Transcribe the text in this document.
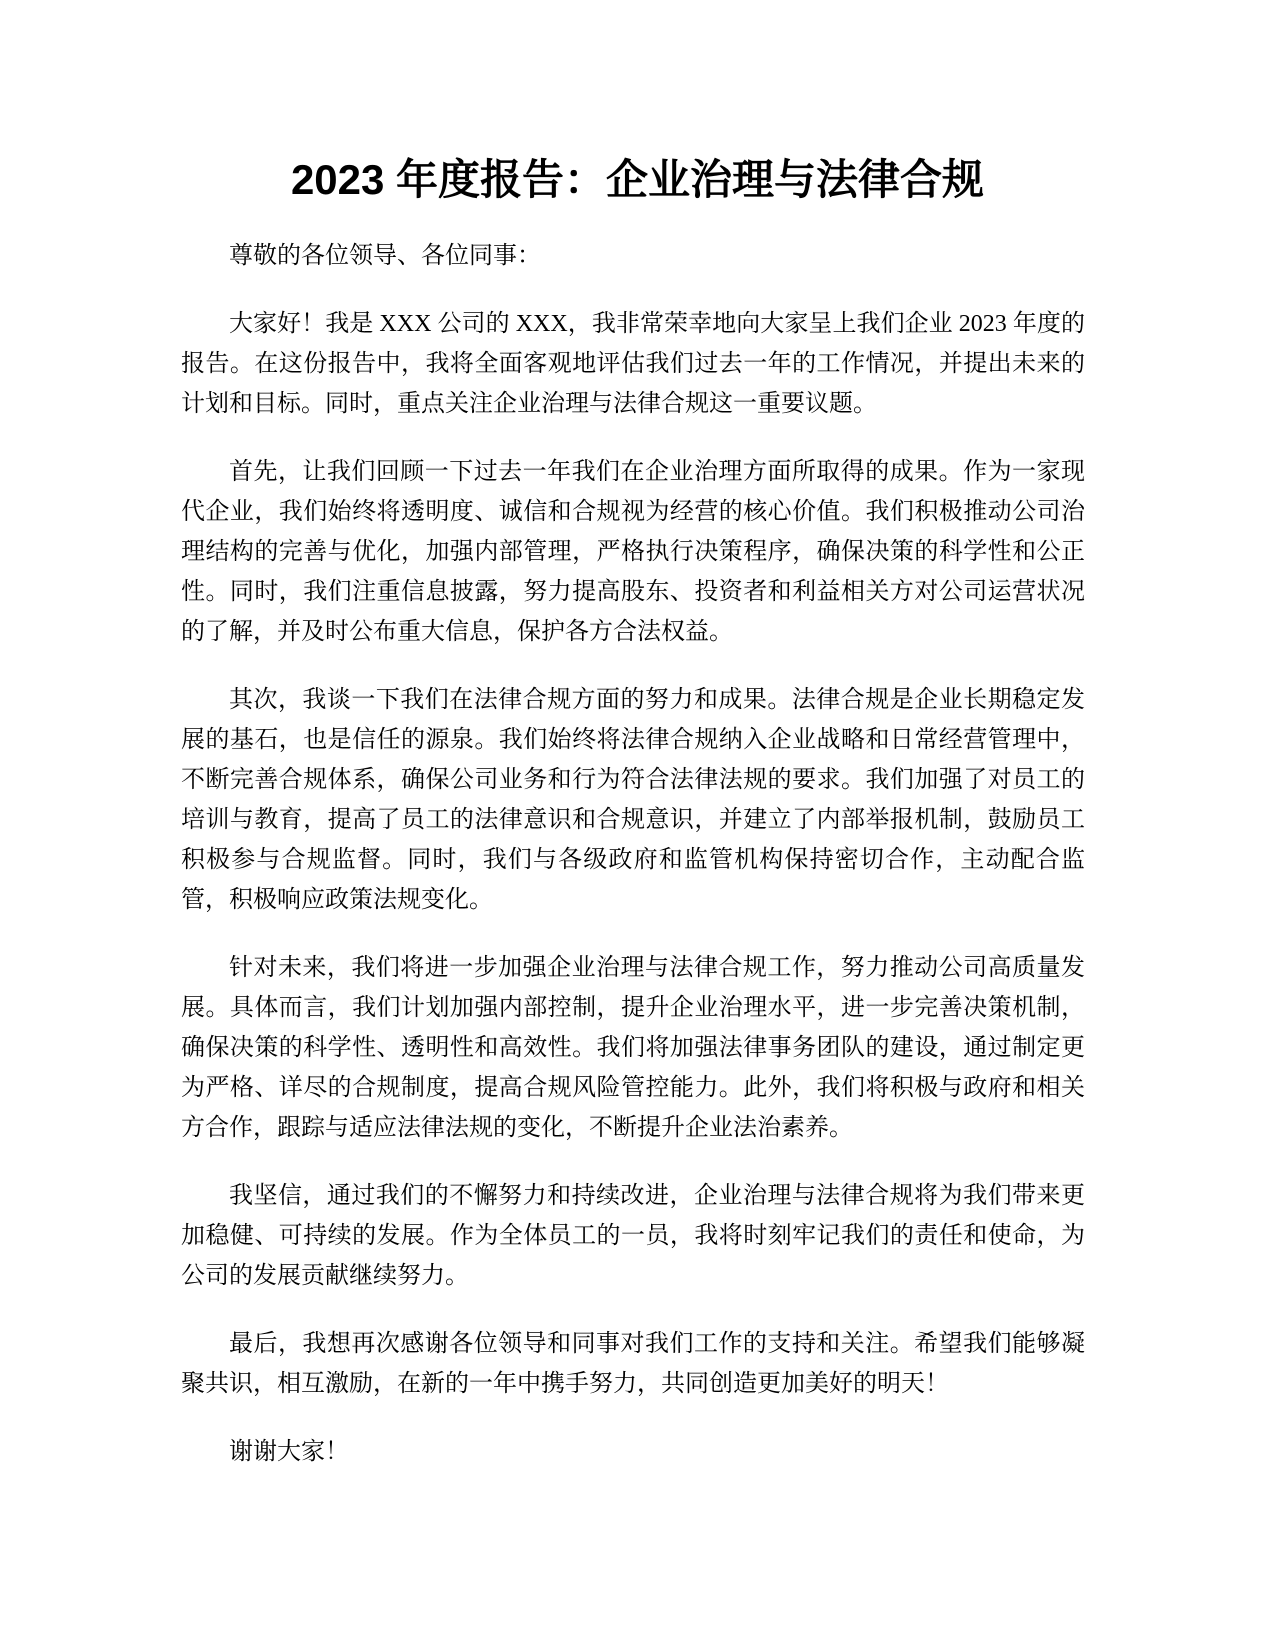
2023 年度报告：企业治理与法律合规

尊敬的各位领导、各位同事：

大家好！我是 XXX 公司的 XXX，我非常荣幸地向大家呈上我们企业 2023 年度的报告。在这份报告中，我将全面客观地评估我们过去一年的工作情况，并提出未来的计划和目标。同时，重点关注企业治理与法律合规这一重要议题。

首先，让我们回顾一下过去一年我们在企业治理方面所取得的成果。作为一家现代企业，我们始终将透明度、诚信和合规视为经营的核心价值。我们积极推动公司治理结构的完善与优化，加强内部管理，严格执行决策程序，确保决策的科学性和公正性。同时，我们注重信息披露，努力提高股东、投资者和利益相关方对公司运营状况的了解，并及时公布重大信息，保护各方合法权益。

其次，我谈一下我们在法律合规方面的努力和成果。法律合规是企业长期稳定发展的基石，也是信任的源泉。我们始终将法律合规纳入企业战略和日常经营管理中，不断完善合规体系，确保公司业务和行为符合法律法规的要求。我们加强了对员工的培训与教育，提高了员工的法律意识和合规意识，并建立了内部举报机制，鼓励员工积极参与合规监督。同时，我们与各级政府和监管机构保持密切合作，主动配合监管，积极响应政策法规变化。

针对未来，我们将进一步加强企业治理与法律合规工作，努力推动公司高质量发展。具体而言，我们计划加强内部控制，提升企业治理水平，进一步完善决策机制，确保决策的科学性、透明性和高效性。我们将加强法律事务团队的建设，通过制定更为严格、详尽的合规制度，提高合规风险管控能力。此外，我们将积极与政府和相关方合作，跟踪与适应法律法规的变化，不断提升企业法治素养。

我坚信，通过我们的不懈努力和持续改进，企业治理与法律合规将为我们带来更加稳健、可持续的发展。作为全体员工的一员，我将时刻牢记我们的责任和使命，为公司的发展贡献继续努力。

最后，我想再次感谢各位领导和同事对我们工作的支持和关注。希望我们能够凝聚共识，相互激励，在新的一年中携手努力，共同创造更加美好的明天！

谢谢大家！
